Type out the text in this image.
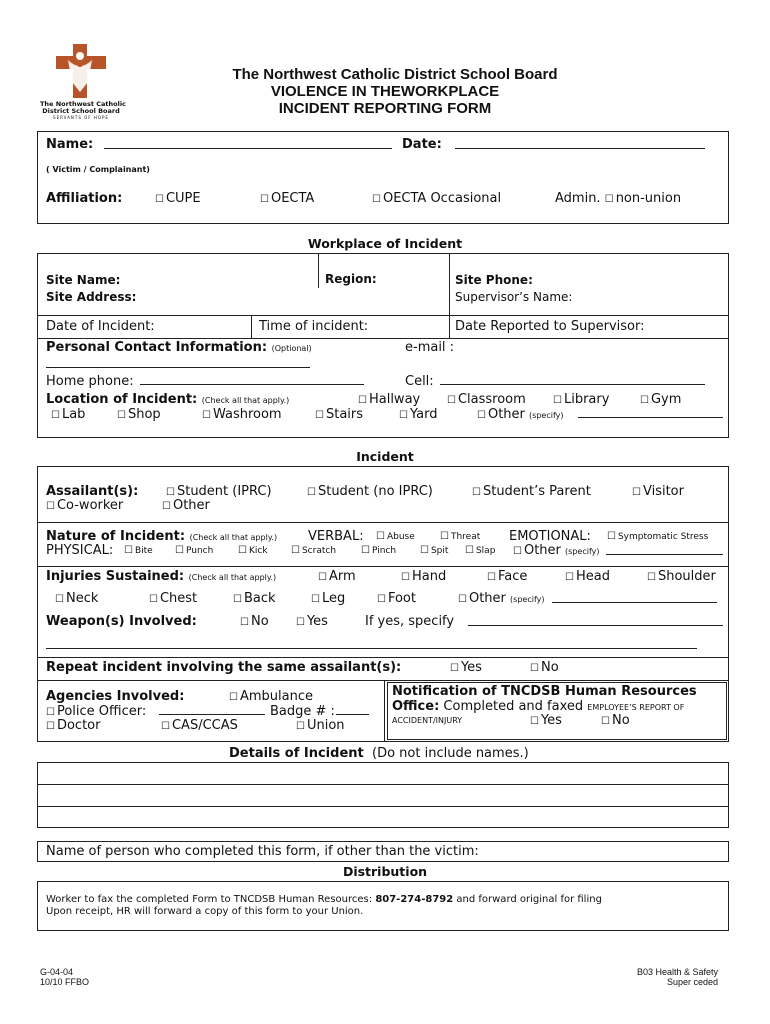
The Northwest Catholic
District School Board
SERVANTS OF HOPE
The Northwest Catholic District School Board
VIOLENCE IN THEWORKPLACE
INCIDENT REPORTING FORM
Name:	Date:
( Victim / Complainant)
Affiliation:	☐ CUPE	☐ OECTA	☐ OECTA Occasional	Admin. ☐ non-union
Workplace of Incident
Site Name:	Region:	Site Phone:
Site Address:	Supervisor’s Name:
Date of Incident:	Time of incident:	Date Reported to Supervisor:
Personal Contact Information: (Optional)	e-mail :
Home phone:	Cell:
Location of Incident: (Check all that apply.)	☐ Hallway	☐ Classroom	☐ Library	☐ Gym
☐ Lab	☐ Shop	☐ Washroom	☐ Stairs	☐ Yard	☐ Other (specify)
Incident
Assailant(s):	☐ Student (IPRC)	☐ Student (no IPRC)	☐ Student’s Parent	☐ Visitor
☐ Co-worker	☐ Other
Nature of Incident: (Check all that apply.) VERBAL: ☐ Abuse	☐ Threat EMOTIONAL: ☐ Symptomatic Stress
PHYSICAL: ☐ Bite ☐ Punch ☐ Kick ☐ Scratch ☐ Pinch ☐ Spit ☐ Slap ☐ Other (specify)
Injuries Sustained: (Check all that apply.)	☐ Arm	☐ Hand	☐ Face	☐ Head	☐ Shoulder
☐ Neck	☐ Chest	☐ Back	☐ Leg	☐ Foot	☐ Other (specify)
Weapon(s) Involved:	☐ No	☐ Yes	If yes, specify
Repeat incident involving the same assailant(s):	☐ Yes	☐ No
Agencies Involved:	☐ Ambulance
☐ Police Officer:	Badge # :
☐ Doctor	☐ CAS/CCAS	☐ Union
Notification of TNCDSB Human Resources
Office: Completed and faxed EMPLOYEE’S REPORT OF
ACCIDENT/INJURY	☐ Yes	☐ No
Details of Incident (Do not include names.)
Name of person who completed this form, if other than the victim:
Distribution
Worker to fax the completed Form to TNCDSB Human Resources: 807-274-8792 and forward original for filing
Upon receipt, HR will forward a copy of this form to your Union.
G-04-04
10/10 FFBO
B03 Health & Safety
Super ceded
